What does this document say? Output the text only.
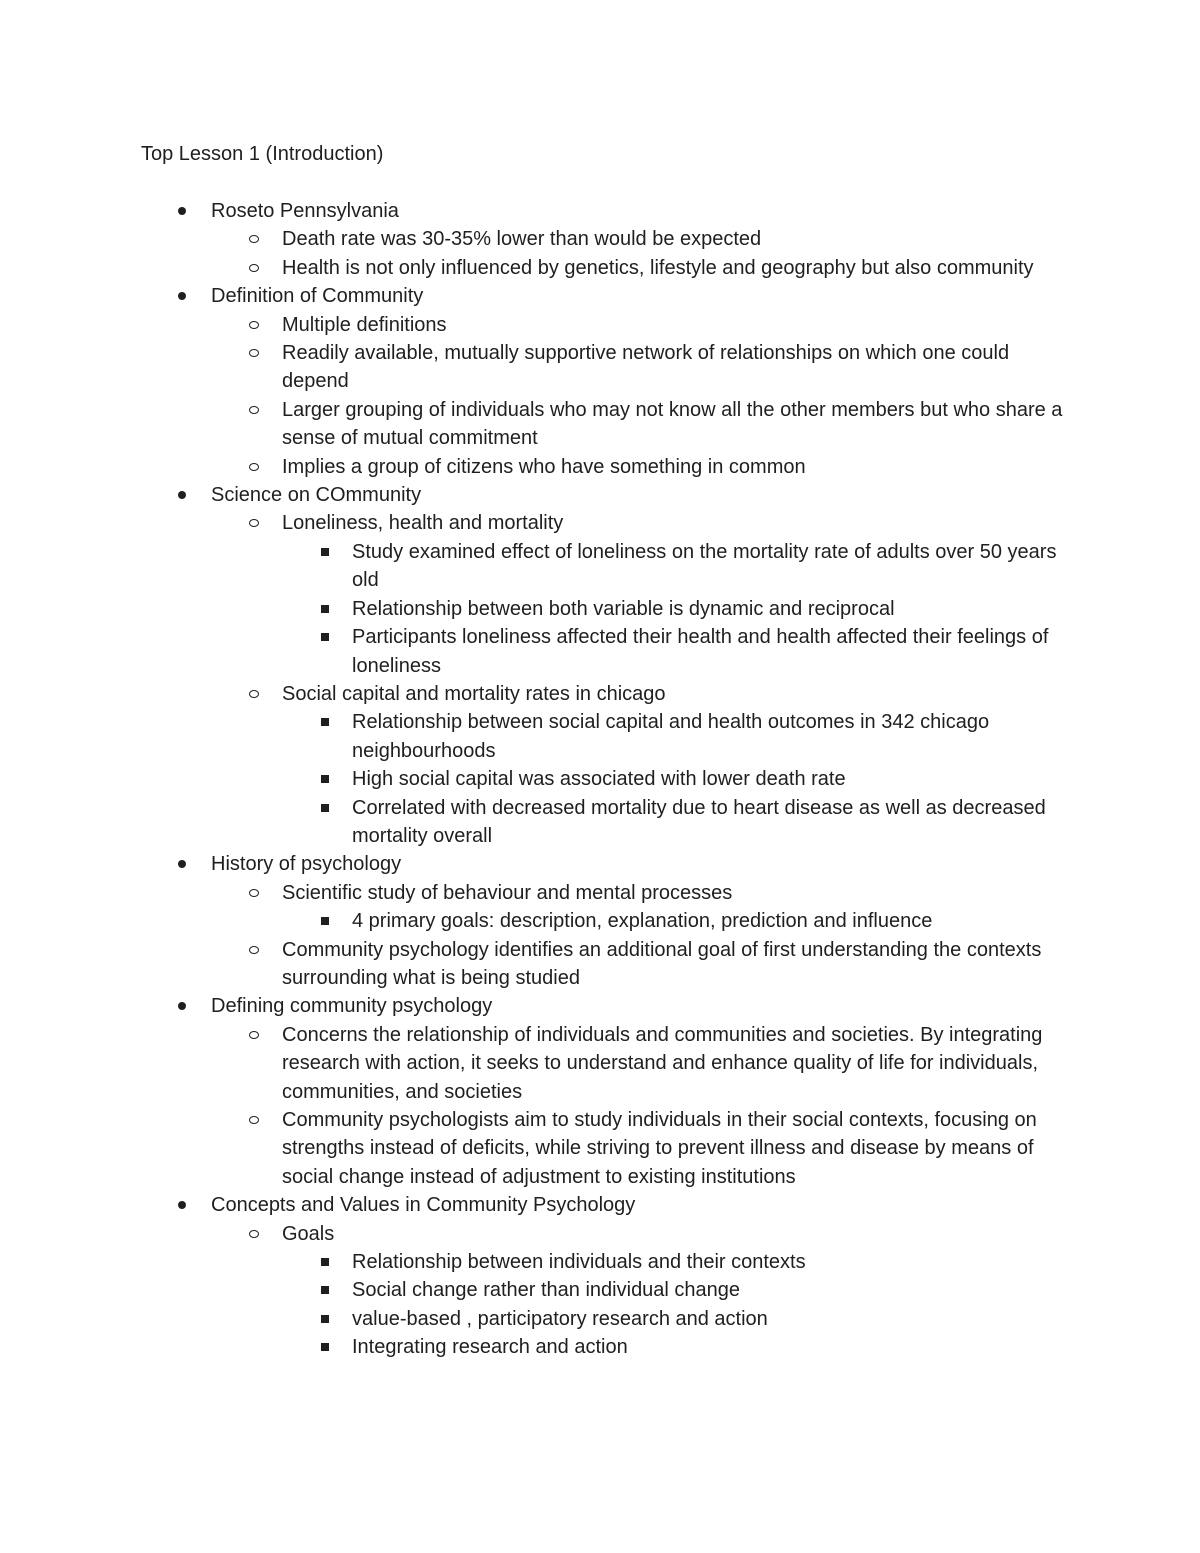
Top Lesson 1 (Introduction)
Roseto Pennsylvania
Death rate was 30-35% lower than would be expected
Health is not only influenced by genetics, lifestyle and geography but also community
Definition of Community
Multiple definitions
Readily available, mutually supportive network of relationships on which one could depend
Larger grouping of individuals who may not know all the other members but who share a sense of mutual commitment
Implies a group of citizens who have something in common
Science on COmmunity
Loneliness, health and mortality
Study examined effect of loneliness on the mortality rate of adults over 50 years old
Relationship between both variable is dynamic and reciprocal
Participants loneliness affected their health and health affected their feelings of loneliness
Social capital and mortality rates in chicago
Relationship between social capital and health outcomes in 342 chicago neighbourhoods
High social capital was associated with lower death rate
Correlated with decreased mortality due to heart disease as well as decreased mortality overall
History of psychology
Scientific study of behaviour and mental processes
4 primary goals: description, explanation, prediction and influence
Community psychology identifies an additional goal of first understanding the contexts surrounding what is being studied
Defining community psychology
Concerns the relationship of individuals and communities and societies. By integrating research with action, it seeks to understand and enhance quality of life for individuals, communities, and societies
Community psychologists aim to study individuals in their social contexts, focusing on strengths instead of deficits, while striving to prevent illness and disease by means of social change instead of adjustment to existing institutions
Concepts and Values in Community Psychology
Goals
Relationship between individuals and their contexts
Social change rather than individual change
value-based , participatory research and action
Integrating research and action
